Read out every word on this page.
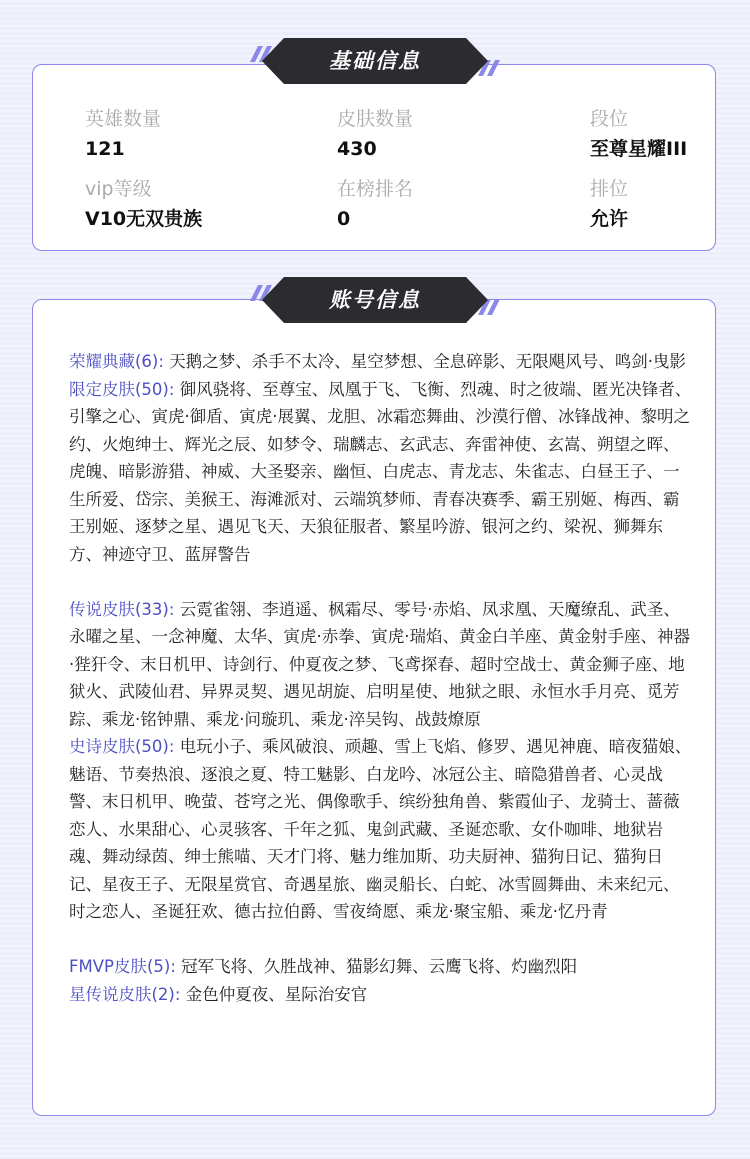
英雄数量
121
皮肤数量
430
段位
至尊星耀III
vip等级
V10无双贵族
在榜排名
0
排位
允许
基础信息
荣耀典藏(6): 天鹅之梦、杀手不太冷、星空梦想、全息碎影、无限飓风号、鸣剑·曳影
限定皮肤(50): 御风骁将、至尊宝、凤凰于飞、飞衡、烈魂、时之彼端、匿光决锋者、引擎之心、寅虎·御盾、寅虎·展翼、龙胆、冰霜恋舞曲、沙漠行僧、冰锋战神、黎明之约、火炮绅士、辉光之辰、如梦令、瑞麟志、玄武志、奔雷神使、玄嵩、朔望之晖、虎魄、暗影游猎、神威、大圣娶亲、幽恒、白虎志、青龙志、朱雀志、白昼王子、一生所爱、岱宗、美猴王、海滩派对、云端筑梦师、青春决赛季、霸王别姬、梅西、霸王别姬、逐梦之星、遇见飞天、天狼征服者、繁星吟游、银河之约、梁祝、狮舞东方、神迹守卫、蓝屏警告
传说皮肤(33): 云霓雀翎、李逍遥、枫霜尽、零号·赤焰、凤求凰、天魔缭乱、武圣、永曜之星、一念神魔、太华、寅虎·赤拳、寅虎·瑞焰、黄金白羊座、黄金射手座、神器·狴犴令、末日机甲、诗剑行、仲夏夜之梦、飞鸢探春、超时空战士、黄金狮子座、地狱火、武陵仙君、异界灵契、遇见胡旋、启明星使、地狱之眼、永恒水手月亮、觅芳踪、乘龙·铭钟鼎、乘龙·问璇玑、乘龙·淬吴钩、战鼓燎原
史诗皮肤(50): 电玩小子、乘风破浪、顽趣、雪上飞焰、修罗、遇见神鹿、暗夜猫娘、魅语、节奏热浪、逐浪之夏、特工魅影、白龙吟、冰冠公主、暗隐猎兽者、心灵战警、末日机甲、晚萤、苍穹之光、偶像歌手、缤纷独角兽、紫霞仙子、龙骑士、蔷薇恋人、水果甜心、心灵骇客、千年之狐、鬼剑武藏、圣诞恋歌、女仆咖啡、地狱岩魂、舞动绿茵、绅士熊喵、天才门将、魅力维加斯、功夫厨神、猫狗日记、猫狗日记、星夜王子、无限星赏官、奇遇星旅、幽灵船长、白蛇、冰雪圆舞曲、未来纪元、时之恋人、圣诞狂欢、德古拉伯爵、雪夜绮愿、乘龙·聚宝船、乘龙·忆丹青
FMVP皮肤(5): 冠军飞将、久胜战神、猫影幻舞、云鹰飞将、灼幽烈阳
星传说皮肤(2): 金色仲夏夜、星际治安官
账号信息
